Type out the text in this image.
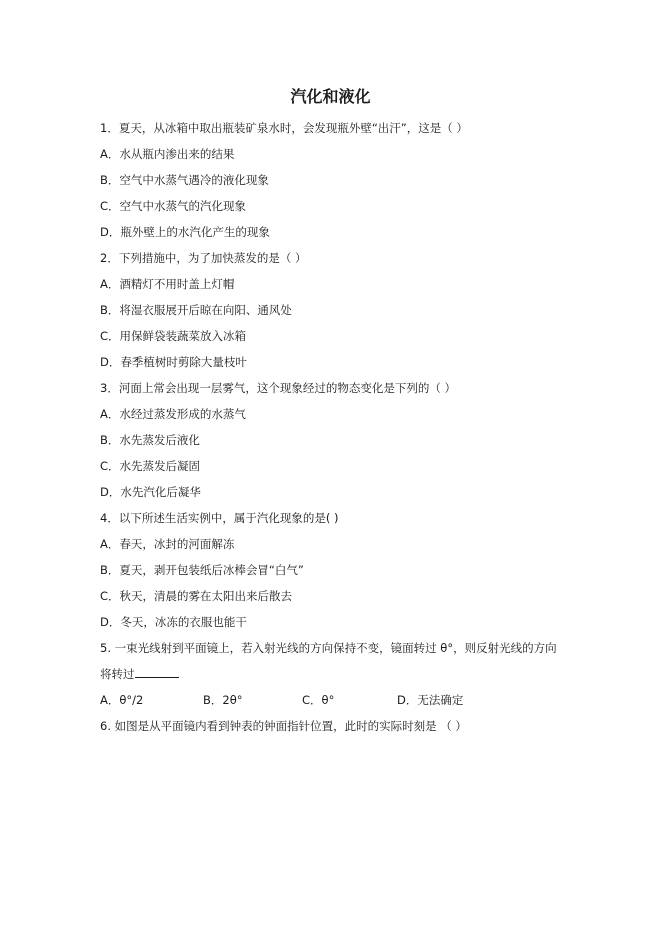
汽化和液化
1．夏天，从冰箱中取出瓶装矿泉水时，会发现瓶外壁“出汗”，这是（ ）
A．水从瓶内渗出来的结果
B．空气中水蒸气遇冷的液化现象
C．空气中水蒸气的汽化现象
D．瓶外壁上的水汽化产生的现象
2．下列措施中，为了加快蒸发的是（ ）
A．酒精灯不用时盖上灯帽
B．将湿衣服展开后晾在向阳、通风处
C．用保鲜袋装蔬菜放入冰箱
D．春季植树时剪除大量枝叶
3．河面上常会出现一层雾气，这个现象经过的物态变化是下列的（ ）
A．水经过蒸发形成的水蒸气
B．水先蒸发后液化
C．水先蒸发后凝固
D．水先汽化后凝华
4．以下所述生活实例中，属于汽化现象的是( )
A．春天，冰封的河面解冻
B．夏天，剥开包装纸后冰棒会冒“白气”
C．秋天，清晨的雾在太阳出来后散去
D．冬天，冰冻的衣服也能干
5. 一束光线射到平面镜上，若入射光线的方向保持不变，镜面转过 θ°，则反射光线的方向
将转过
A．θ°/2	B．2θ°	C．θ°	D．无法确定
6. 如图是从平面镜内看到钟表的钟面指针位置，此时的实际时刻是 （ ）
